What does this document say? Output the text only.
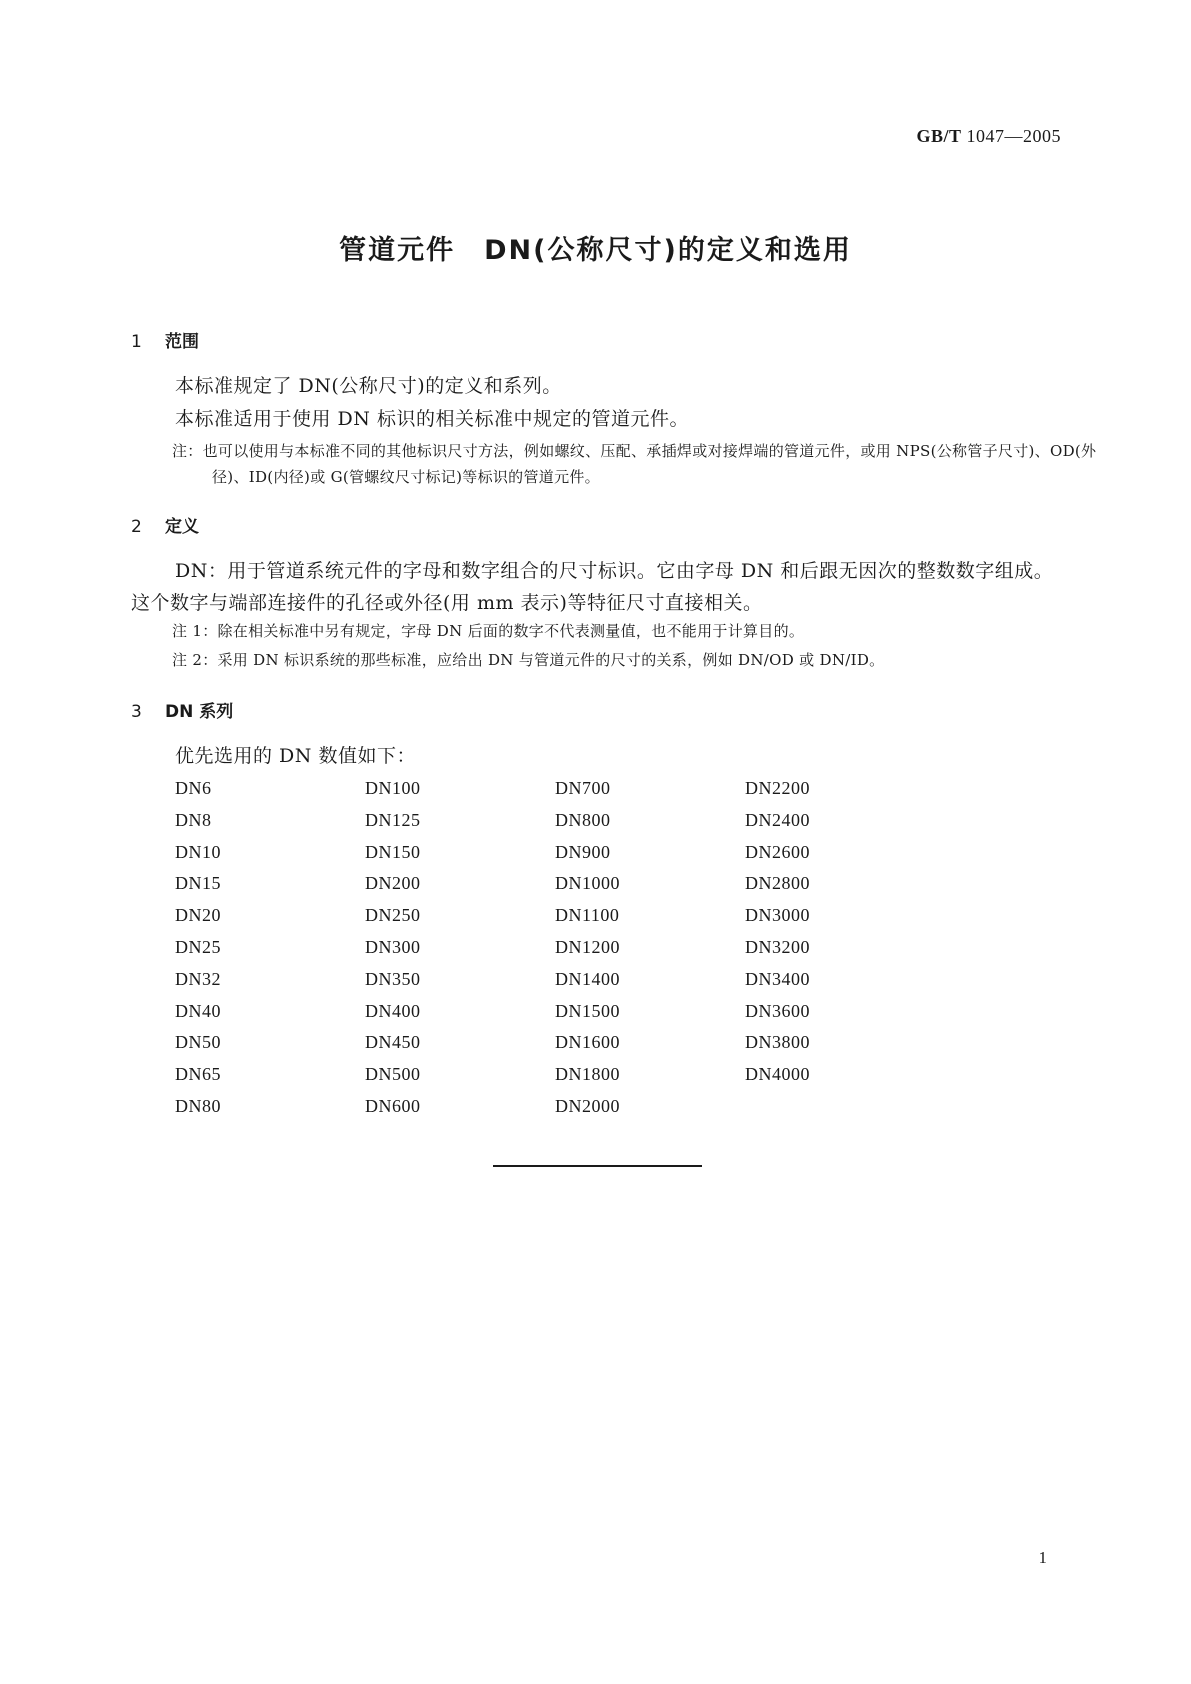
GB/T 1047—2005
管道元件　DN(公称尺寸)的定义和选用
1 范围

本标准规定了 DN(公称尺寸)的定义和系列。

本标准适用于使用 DN 标识的相关标准中规定的管道元件。

注：也可以使用与本标准不同的其他标识尺寸方法，例如螺纹、压配、承插焊或对接焊端的管道元件，或用 NPS(公称管子尺寸)、OD(外径)、ID(内径)或 G(管螺纹尺寸标记)等标识的管道元件。

2 定义

DN：用于管道系统元件的字母和数字组合的尺寸标识。它由字母 DN 和后跟无因次的整数数字组成。这个数字与端部连接件的孔径或外径(用 mm 表示)等特征尺寸直接相关。

注 1：除在相关标准中另有规定，字母 DN 后面的数字不代表测量值，也不能用于计算目的。

注 2：采用 DN 标识系统的那些标准，应给出 DN 与管道元件的尺寸的关系，例如 DN/OD 或 DN/ID。

3 DN 系列

优先选用的 DN 数值如下：

DN6
DN8
DN10
DN15
DN20
DN25
DN32
DN40
DN50
DN65
DN80
DN100
DN125
DN150
DN200
DN250
DN300
DN350
DN400
DN450
DN500
DN600
DN700
DN800
DN900
DN1000
DN1100
DN1200
DN1400
DN1500
DN1600
DN1800
DN2000
DN2200
DN2400
DN2600
DN2800
DN3000
DN3200
DN3400
DN3600
DN3800
DN4000
1
